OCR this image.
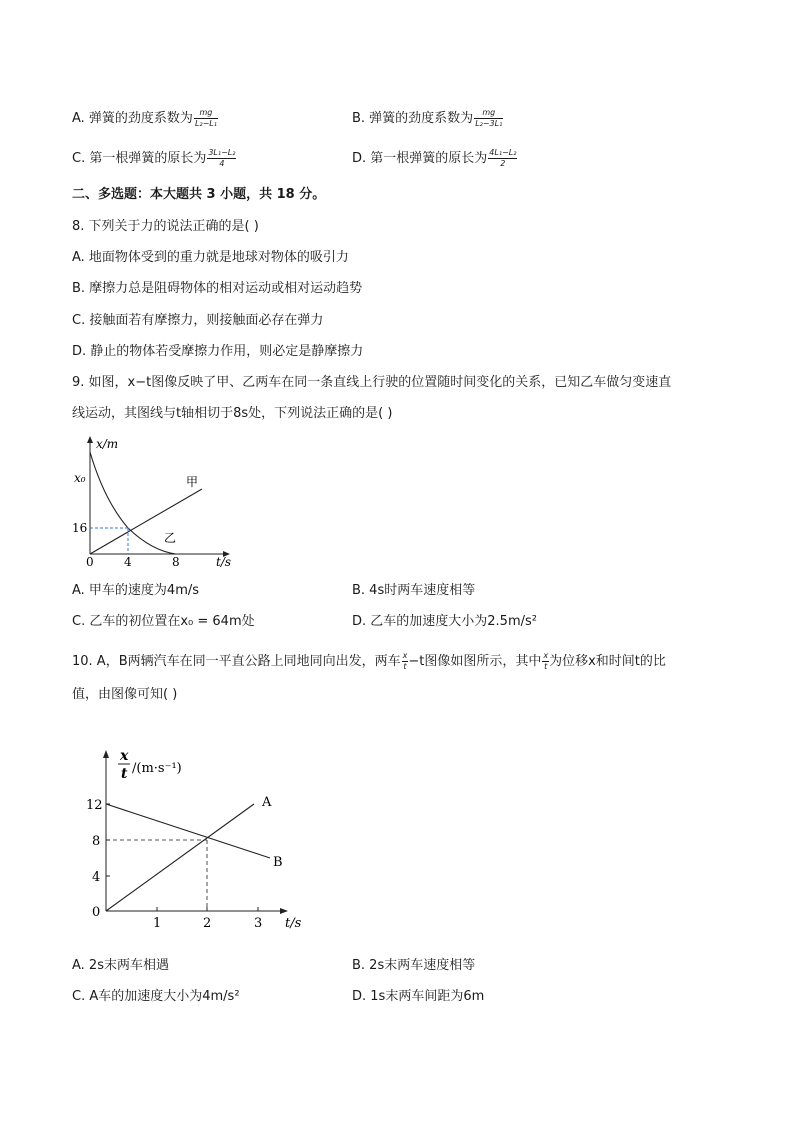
A. 弹簧的劲度系数为 $\frac{mg}{\text{L₂−L₁}}$	B. 弹簧的劲度系数为 $\frac{mg}{\text{L₂−3L₁}}$
C. 第一根弹簧的原长为 $\frac{\text{3L₁−L₂}}{4}$	D. 第一根弹簧的原长为 $\frac{\text{4L₁−L₂}}{2}$
二、多选题：本大题共 3 小题，共 18 分。
8. 下列关于力的说法正确的是( )
A. 地面物体受到的重力就是地球对物体的吸引力
B. 摩擦力总是阻碍物体的相对运动或相对运动趋势
C. 接触面若有摩擦力，则接触面必存在弹力
D. 静止的物体若受摩擦力作用，则必定是静摩擦力
9. 如图，x−t图像反映了甲、乙两车在同一条直线上行驶的位置随时间变化的关系，已知乙车做匀变速直
线运动，其图线与t轴相切于8s处，下列说法正确的是( )
x/m
x₀
16
0	4	8	t/s
甲
乙
A. 甲车的速度为4m/s	B. 4s时两车速度相等
C. 乙车的初位置在x₀ = 64m处	D. 乙车的加速度大小为2.5m/s²
10. A，B两辆汽车在同一平直公路上同地同向出发，两车 $\frac{x}{t} -t$图像如图所示，其中 $\frac{x}{t}$ 为位移x和时间t的比
值，由图像可知( )
x
t /(m·s⁻¹)
12
8
4
0
1	2	3 t/s
A
B
A. 2s末两车相遇	B. 2s末两车速度相等
C. A车的加速度大小为4m/s²	D. 1s末两车间距为6m
